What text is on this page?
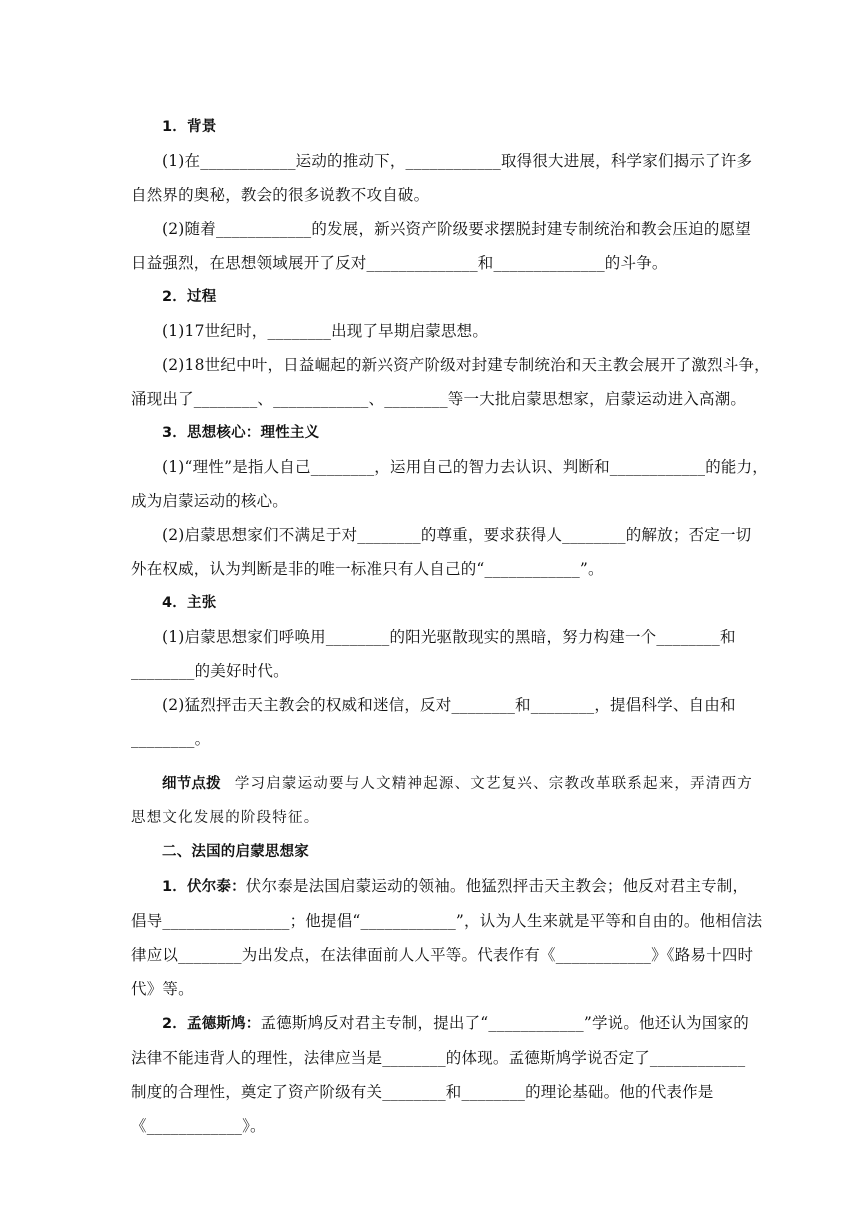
1．背景
(1)在____________运动的推动下，____________取得很大进展，科学家们揭示了许多
自然界的奥秘，教会的很多说教不攻自破。
(2)随着____________的发展，新兴资产阶级要求摆脱封建专制统治和教会压迫的愿望
日益强烈，在思想领域展开了反对______________和______________的斗争。
2．过程
(1)17世纪时，________出现了早期启蒙思想。
(2)18世纪中叶，日益崛起的新兴资产阶级对封建专制统治和天主教会展开了激烈斗争，
涌现出了________、____________、________等一大批启蒙思想家，启蒙运动进入高潮。
3．思想核心：理性主义
(1)“理性”是指人自己________，运用自己的智力去认识、判断和____________的能力，
成为启蒙运动的核心。
(2)启蒙思想家们不满足于对________的尊重，要求获得人________的解放；否定一切
外在权威，认为判断是非的唯一标准只有人自己的“____________”。
4．主张
(1)启蒙思想家们呼唤用________的阳光驱散现实的黑暗，努力构建一个________和
________的美好时代。
(2)猛烈抨击天主教会的权威和迷信，反对________和________，提倡科学、自由和
________。
细节点拨 学习启蒙运动要与人文精神起源、文艺复兴、宗教改革联系起来，弄清西方
思想文化发展的阶段特征。
二、法国的启蒙思想家
1．伏尔泰：伏尔泰是法国启蒙运动的领袖。他猛烈抨击天主教会；他反对君主专制，
倡导________________；他提倡“____________”，认为人生来就是平等和自由的。他相信法
律应以________为出发点，在法律面前人人平等。代表作有《____________》《路易十四时
代》等。
2．孟德斯鸠：孟德斯鸠反对君主专制，提出了“____________”学说。他还认为国家的
法律不能违背人的理性，法律应当是________的体现。孟德斯鸠学说否定了____________
制度的合理性，奠定了资产阶级有关________和________的理论基础。他的代表作是
《____________》。
